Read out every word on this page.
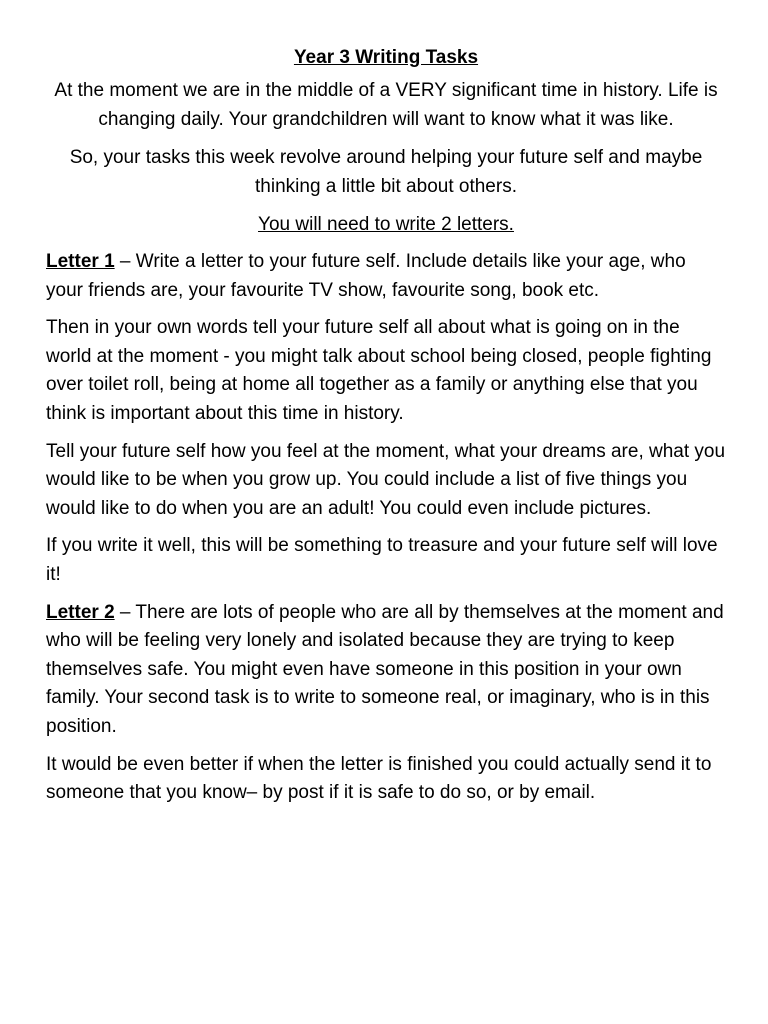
Year 3 Writing Tasks

At the moment we are in the middle of a VERY significant time in history. Life is changing daily. Your grandchildren will want to know what it was like.

So, your tasks this week revolve around helping your future self and maybe thinking a little bit about others.

You will need to write 2 letters.

Letter 1 – Write a letter to your future self. Include details like your age, who your friends are, your favourite TV show, favourite song, book etc.

Then in your own words tell your future self all about what is going on in the world at the moment - you might talk about school being closed, people fighting over toilet roll, being at home all together as a family or anything else that you think is important about this time in history.

Tell your future self how you feel at the moment, what your dreams are, what you would like to be when you grow up. You could include a list of five things you would like to do when you are an adult! You could even include pictures.

If you write it well, this will be something to treasure and your future self will love it!

Letter 2 – There are lots of people who are all by themselves at the moment and who will be feeling very lonely and isolated because they are trying to keep themselves safe. You might even have someone in this position in your own family. Your second task is to write to someone real, or imaginary, who is in this position.

It would be even better if when the letter is finished you could actually send it to someone that you know– by post if it is safe to do so, or by email.
